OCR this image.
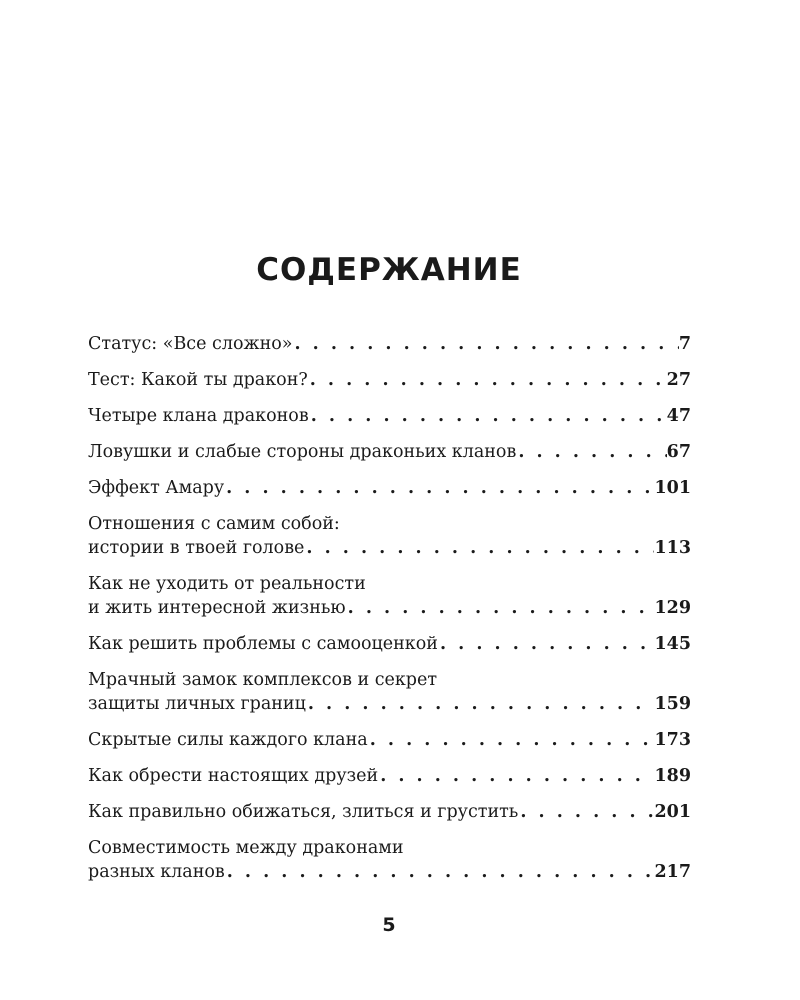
СОДЕРЖАНИЕ
Статус: «Все сложно» . . .	7
Тест: Какой ты дракон? . . .	27
Четыре клана драконов . . .	47
Ловушки и слабые стороны драконьих кланов . . .	67
Эффект Амару . . .	101
Отношения с самим собой:
истории в твоей голове . . .	113
Как не уходить от реальности
и жить интересной жизнью . . .	129
Как решить проблемы с самооценкой . . .	145
Мрачный замок комплексов и секрет
защиты личных границ . . .	159
Скрытые силы каждого клана . . .	173
Как обрести настоящих друзей . . .	189
Как правильно обижаться, злиться и грустить . . .	201
Совместимость между драконами
разных кланов . . .	217
5
